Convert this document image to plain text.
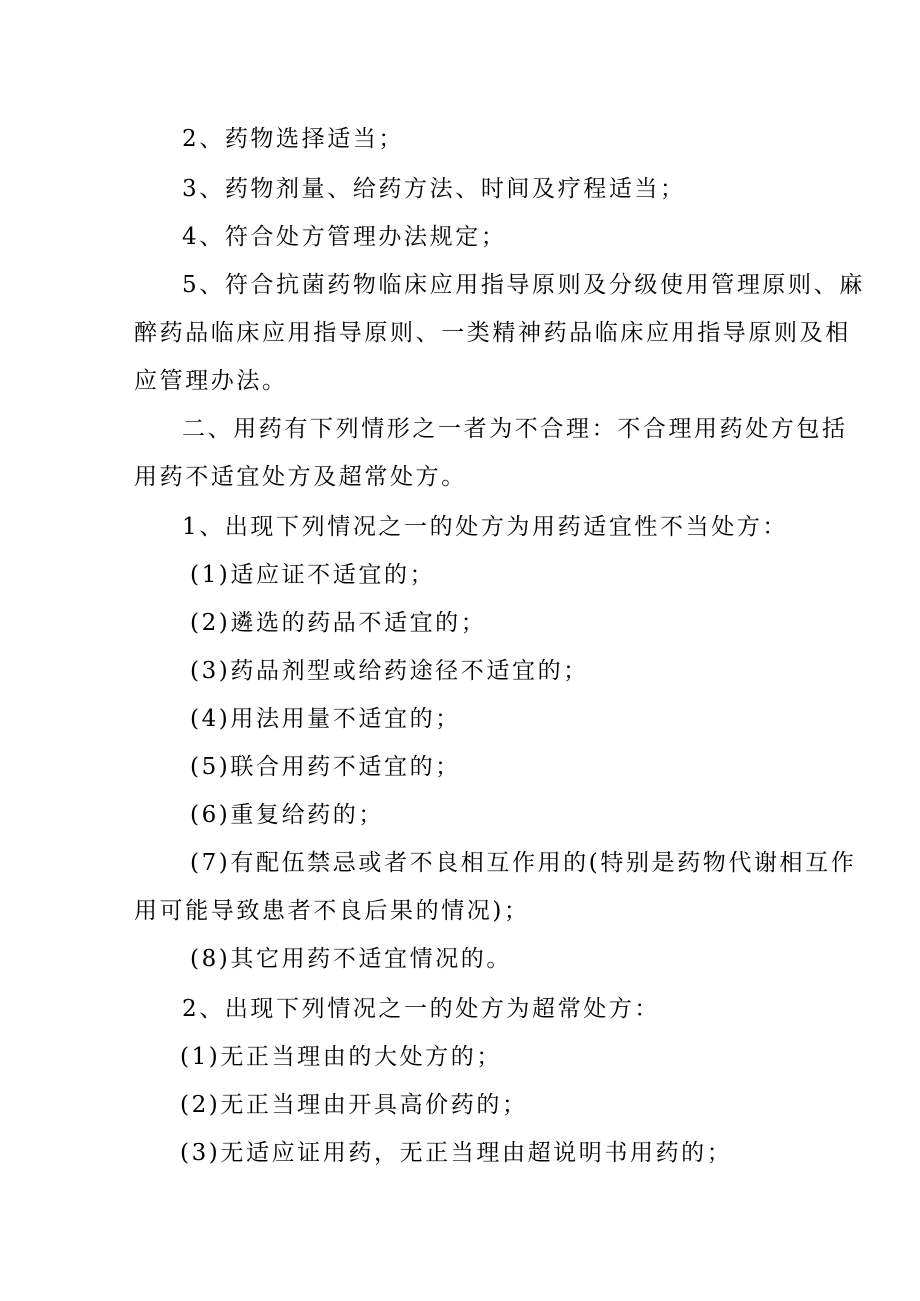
2、药物选择适当；
3、药物剂量、给药方法、时间及疗程适当；
4、符合处方管理办法规定；
5、符合抗菌药物临床应用指导原则及分级使用管理原则、麻
醉药品临床应用指导原则、一类精神药品临床应用指导原则及相
应管理办法。
二、用药有下列情形之一者为不合理：不合理用药处方包括
用药不适宜处方及超常处方。
1、出现下列情况之一的处方为用药适宜性不当处方：
(1)适应证不适宜的；
(2)遴选的药品不适宜的；
(3)药品剂型或给药途径不适宜的；
(4)用法用量不适宜的；
(5)联合用药不适宜的；
(6)重复给药的；
(7)有配伍禁忌或者不良相互作用的(特别是药物代谢相互作
用可能导致患者不良后果的情况)；
(8)其它用药不适宜情况的。
2、出现下列情况之一的处方为超常处方：
(1)无正当理由的大处方的；
(2)无正当理由开具高价药的；
(3)无适应证用药，无正当理由超说明书用药的；
